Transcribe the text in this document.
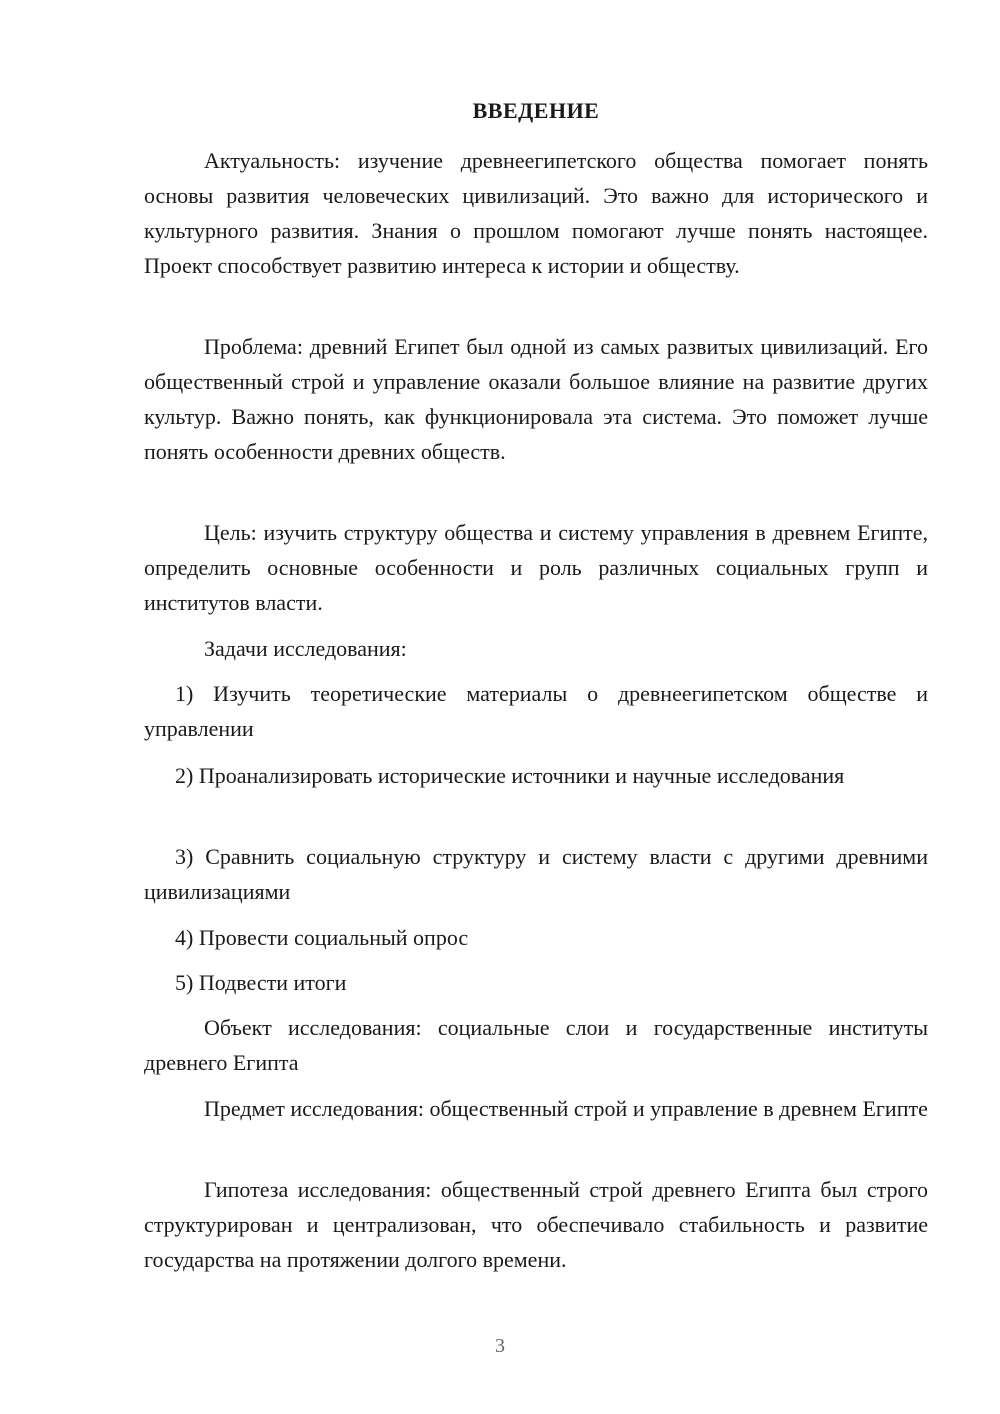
ВВЕДЕНИЕ

Актуальность: изучение древнеегипетского общества помогает понять основы развития человеческих цивилизаций. Это важно для исторического и культурного развития. Знания о прошлом помогают лучше понять настоящее. Проект способствует развитию интереса к истории и обществу.

Проблема: древний Египет был одной из самых развитых цивилизаций. Его общественный строй и управление оказали большое влияние на развитие других культур. Важно понять, как функционировала эта система. Это поможет лучше понять особенности древних обществ.

Цель: изучить структуру общества и систему управления в древнем Египте, определить основные особенности и роль различных социальных групп и институтов власти.

Задачи исследования:

1) Изучить теоретические материалы о древнеегипетском обществе и управлении

2) Проанализировать исторические источники и научные исследования

3) Сравнить социальную структуру и систему власти с другими древними цивилизациями

4) Провести социальный опрос

5) Подвести итоги

Объект исследования: социальные слои и государственные институты древнего Египта

Предмет исследования: общественный строй и управление в древнем Египте

Гипотеза исследования: общественный строй древнего Египта был строго структурирован и централизован, что обеспечивало стабильность и развитие государства на протяжении долгого времени.

3
